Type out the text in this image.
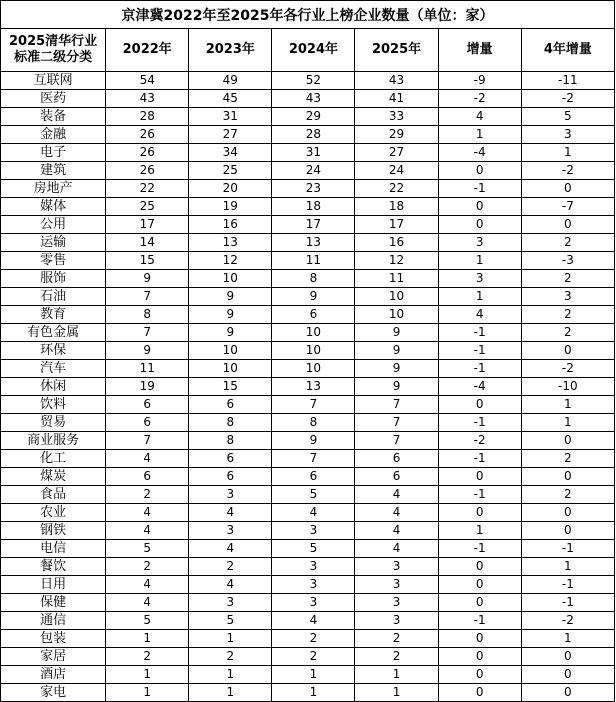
京津冀2022年至2025年各行业上榜企业数量（单位：家）						
2025清华行业
标准二级分类	2022年	2023年	2024年	2025年	增量	4年增量
互联网	54	49	52	43	-9	-11
医药	43	45	43	41	-2	-2
装备	28	31	29	33	4	5
金融	26	27	28	29	1	3
电子	26	34	31	27	-4	1
建筑	26	25	24	24	0	-2
房地产	22	20	23	22	-1	0
媒体	25	19	18	18	0	-7
公用	17	16	17	17	0	0
运输	14	13	13	16	3	2
零售	15	12	11	12	1	-3
服饰	9	10	8	11	3	2
石油	7	9	9	10	1	3
教育	8	9	6	10	4	2
有色金属	7	9	10	9	-1	2
环保	9	10	10	9	-1	0
汽车	11	10	10	9	-1	-2
休闲	19	15	13	9	-4	-10
饮料	6	6	7	7	0	1
贸易	6	8	8	7	-1	1
商业服务	7	8	9	7	-2	0
化工	4	6	7	6	-1	2
煤炭	6	6	6	6	0	0
食品	2	3	5	4	-1	2
农业	4	4	4	4	0	0
钢铁	4	3	3	4	1	0
电信	5	4	5	4	-1	-1
餐饮	2	2	3	3	0	1
日用	4	4	3	3	0	-1
保健	4	3	3	3	0	-1
通信	5	5	4	3	-1	-2
包装	1	1	2	2	0	1
家居	2	2	2	2	0	0
酒店	1	1	1	1	0	0
家电	1	1	1	1	0	0
